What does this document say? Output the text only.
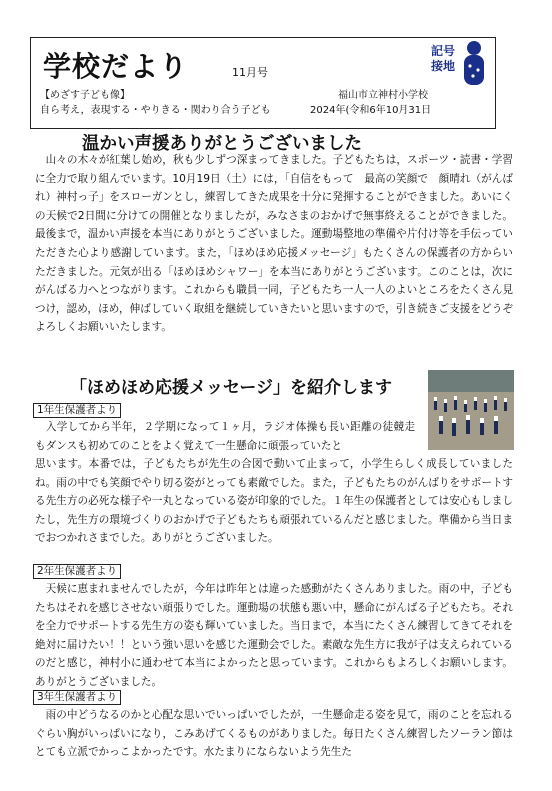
学校だより	11月号
【めざす子ども像】
自ら考え，表現する・やりきる・関わり合う子ども
福山市立神村小学校
2024年(令和6年10月31日
記号
接地
温かい声援ありがとうございました

　山々の木々が紅葉し始め，秋も少しずつ深まってきました。子どもたちは，スポーツ・読書・学習に全力で取り組んでいます。10月19日（土）には，「自信をもって　最高の笑顔で　顔晴れ（がんばれ）神村っ子」をスローガンとし，練習してきた成果を十分に発揮することができました。あいにくの天候で2日間に分けての開催となりましたが，みなさまのおかげで無事終えることができました。最後まで，温かい声援を本当にありがとうございました。運動場整地の準備や片付け等を手伝っていただきた心より感謝しています。また，「ほめほめ応援メッセージ」もたくさんの保護者の方からいただきました。元気が出る「ほめほめシャワー」を本当にありがとうございます。このことは，次にがんばる力へとつながります。これからも職員一同，子どもたち一人一人のよいところをたくさん見つけ，認め，ほめ，伸ばしていく取組を継続していきたいと思いますので，引き続きご支援をどうぞよろしくお願いいたします。

「ほめほめ応援メッセージ」を紹介します
1年生保護者より

　入学してから半年，２学期になって１ヶ月，ラジオ体操も長い距離の徒競走もダンスも初めてのことをよく覚えて一生懸命に頑張っていたと

思います。本番では，子どもたちが先生の合図で動いて止まって，小学生らしく成長していましたね。雨の中でも笑顔でやり切る姿がとっても素敵でした。また，子どもたちのがんばりをサポートする先生方の必死な様子や一丸となっている姿が印象的でした。１年生の保護者としては安心もしましたし，先生方の環境づくりのおかげで子どもたちも頑張れているんだと感じました。準備から当日までおつかれさまでした。ありがとうございました。

2年生保護者より

　天候に恵まれませんでしたが，今年は昨年とは違った感動がたくさんありました。雨の中，子どもたちはそれを感じさせない頑張りでした。運動場の状態も悪い中，懸命にがんばる子どもたち。それを全力でサポートする先生方の姿も輝いていました。当日まで，本当にたくさん練習してきてそれを絶対に届けたい！！という強い思いを感じた運動会でした。素敵な先生方に我が子は支えられているのだと感じ，神村小に通わせて本当によかったと思っています。これからもよろしくお願いします。ありがとうございました。

3年生保護者より

　雨の中どうなるのかと心配な思いでいっぱいでしたが，一生懸命走る姿を見て，雨のことを忘れるぐらい胸がいっぱいになり，こみあげてくるものがありました。毎日たくさん練習したソーラン節はとても立派でかっこよかったです。水たまりにならないよう先生た
